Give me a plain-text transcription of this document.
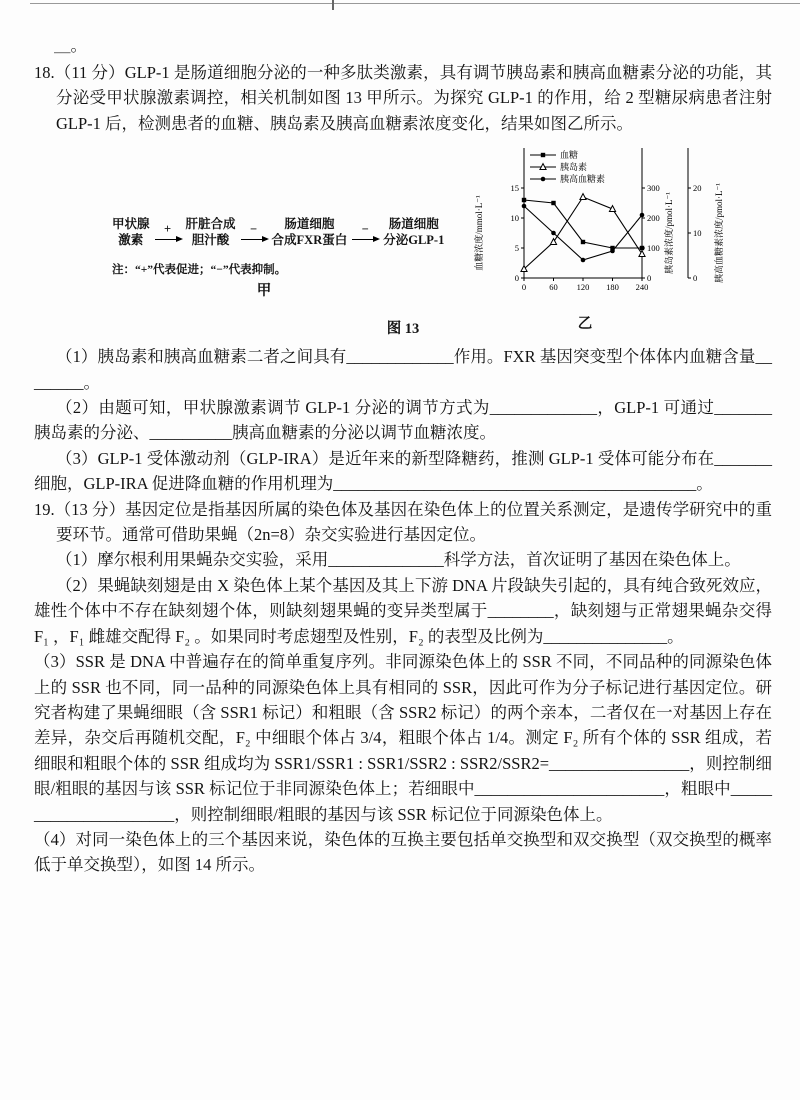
＿。

18.（11 分）GLP-1 是肠道细胞分泌的一种多肽类激素，具有调节胰岛素和胰高血糖素分泌的功能，其分泌受甲状腺激素调控，相关机制如图 13 甲所示。为探究 GLP-1 的作用，给 2 型糖尿病患者注射 GLP-1 后，检测患者的血糖、胰岛素及胰高血糖素浓度变化，结果如图乙所示。

甲状腺
激素
+ 肝脏合成
胆汁酸
−	肠道细胞
合成FXR蛋白
−	肠道细胞
分泌GLP-1
注：“+”代表促进；“−”代表抑制。
甲
0
5
10
15
0
100
200
300
0
10
20
0	60 120 180 240
血糖浓度/mmol·L⁻¹	胰岛素浓度/pmol·L⁻¹	胰高血糖素浓度/pmol·L⁻¹
血糖
胰岛素
胰高血糖素
乙
图 13

（1）胰岛素和胰高血糖素二者之间具有_____________作用。FXR 基因突变型个体体内血糖含量________。

（2）由题可知，甲状腺激素调节 GLP-1 分泌的调节方式为_____________，GLP-1 可通过_______胰岛素的分泌、__________胰高血糖素的分泌以调节血糖浓度。

（3）GLP-1 受体激动剂（GLP-IRA）是近年来的新型降糖药，推测 GLP-1 受体可能分布在_______细胞，GLP-IRA 促进降血糖的作用机理为____________________________________________。

19.（13 分）基因定位是指基因所属的染色体及基因在染色体上的位置关系测定，是遗传学研究中的重要环节。通常可借助果蝇（2n=8）杂交实验进行基因定位。

（1）摩尔根利用果蝇杂交实验，采用______________科学方法，首次证明了基因在染色体上。

（2）果蝇缺刻翅是由 X 染色体上某个基因及其上下游 DNA 片段缺失引起的，具有纯合致死效应，雄性个体中不存在缺刻翅个体，则缺刻翅果蝇的变异类型属于________，缺刻翅与正常翅果蝇杂交得 F₁ ，F₁ 雌雄交配得 F₂ 。如果同时考虑翅型及性别，F₂ 的表型及比例为_______________。

（3）SSR 是 DNA 中普遍存在的简单重复序列。非同源染色体上的 SSR 不同，不同品种的同源染色体上的 SSR 也不同，同一品种的同源染色体上具有相同的 SSR，因此可作为分子标记进行基因定位。研究者构建了果蝇细眼（含 SSR1 标记）和粗眼（含 SSR2 标记）的两个亲本，二者仅在一对基因上存在差异，杂交后再随机交配，F₂ 中细眼个体占 3/4，粗眼个体占 1/4。测定 F₂ 所有个体的 SSR 组成，若细眼和粗眼个体的 SSR 组成均为 SSR1/SSR1 : SSR1/SSR2 : SSR2/SSR2=_________________，则控制细眼/粗眼的基因与该 SSR 标记位于非同源染色体上；若细眼中_______________________，粗眼中______________________，则控制细眼/粗眼的基因与该 SSR 标记位于同源染色体上。

（4）对同一染色体上的三个基因来说，染色体的互换主要包括单交换型和双交换型（双交换型的概率低于单交换型），如图 14 所示。
